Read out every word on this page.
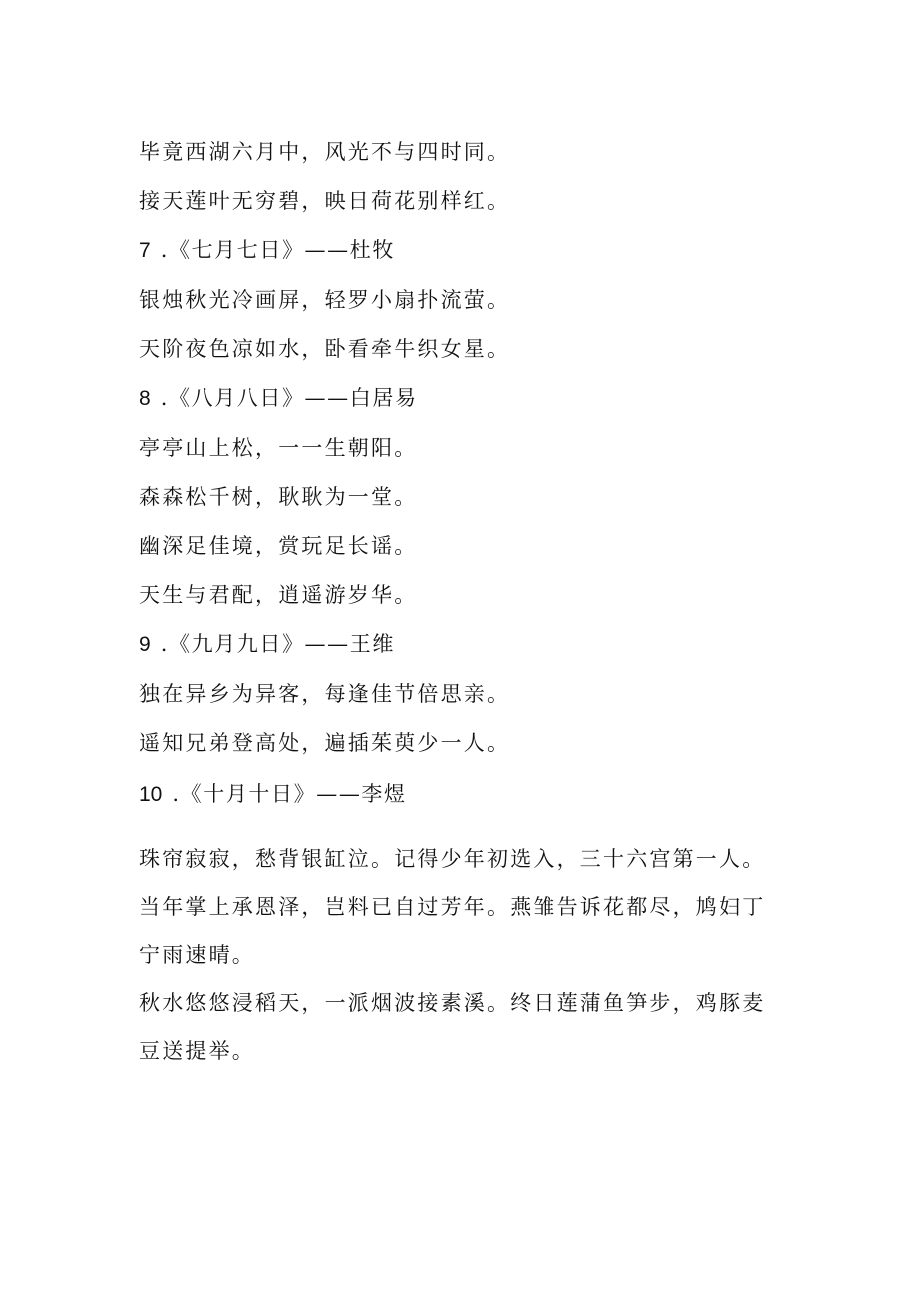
毕竟西湖六月中，风光不与四时同。
接天莲叶无穷碧，映日荷花别样红。
7 .《七月七日》——杜牧
银烛秋光冷画屏，轻罗小扇扑流萤。
天阶夜色凉如水，卧看牵牛织女星。
8 .《八月八日》——白居易
亭亭山上松，一一生朝阳。
森森松千树，耿耿为一堂。
幽深足佳境，赏玩足长谣。
天生与君配，逍遥游岁华。
9 .《九月九日》——王维
独在异乡为异客，每逢佳节倍思亲。
遥知兄弟登高处，遍插茱萸少一人。
10 .《十月十日》——李煜
珠帘寂寂，愁背银缸泣。记得少年初选入，三十六宫第一人。
当年掌上承恩泽，岂料已自过芳年。燕雏告诉花都尽，鸠妇丁
宁雨速晴。
秋水悠悠浸稻天，一派烟波接素溪。终日莲蒲鱼笋步，鸡豚麦
豆送提举。
